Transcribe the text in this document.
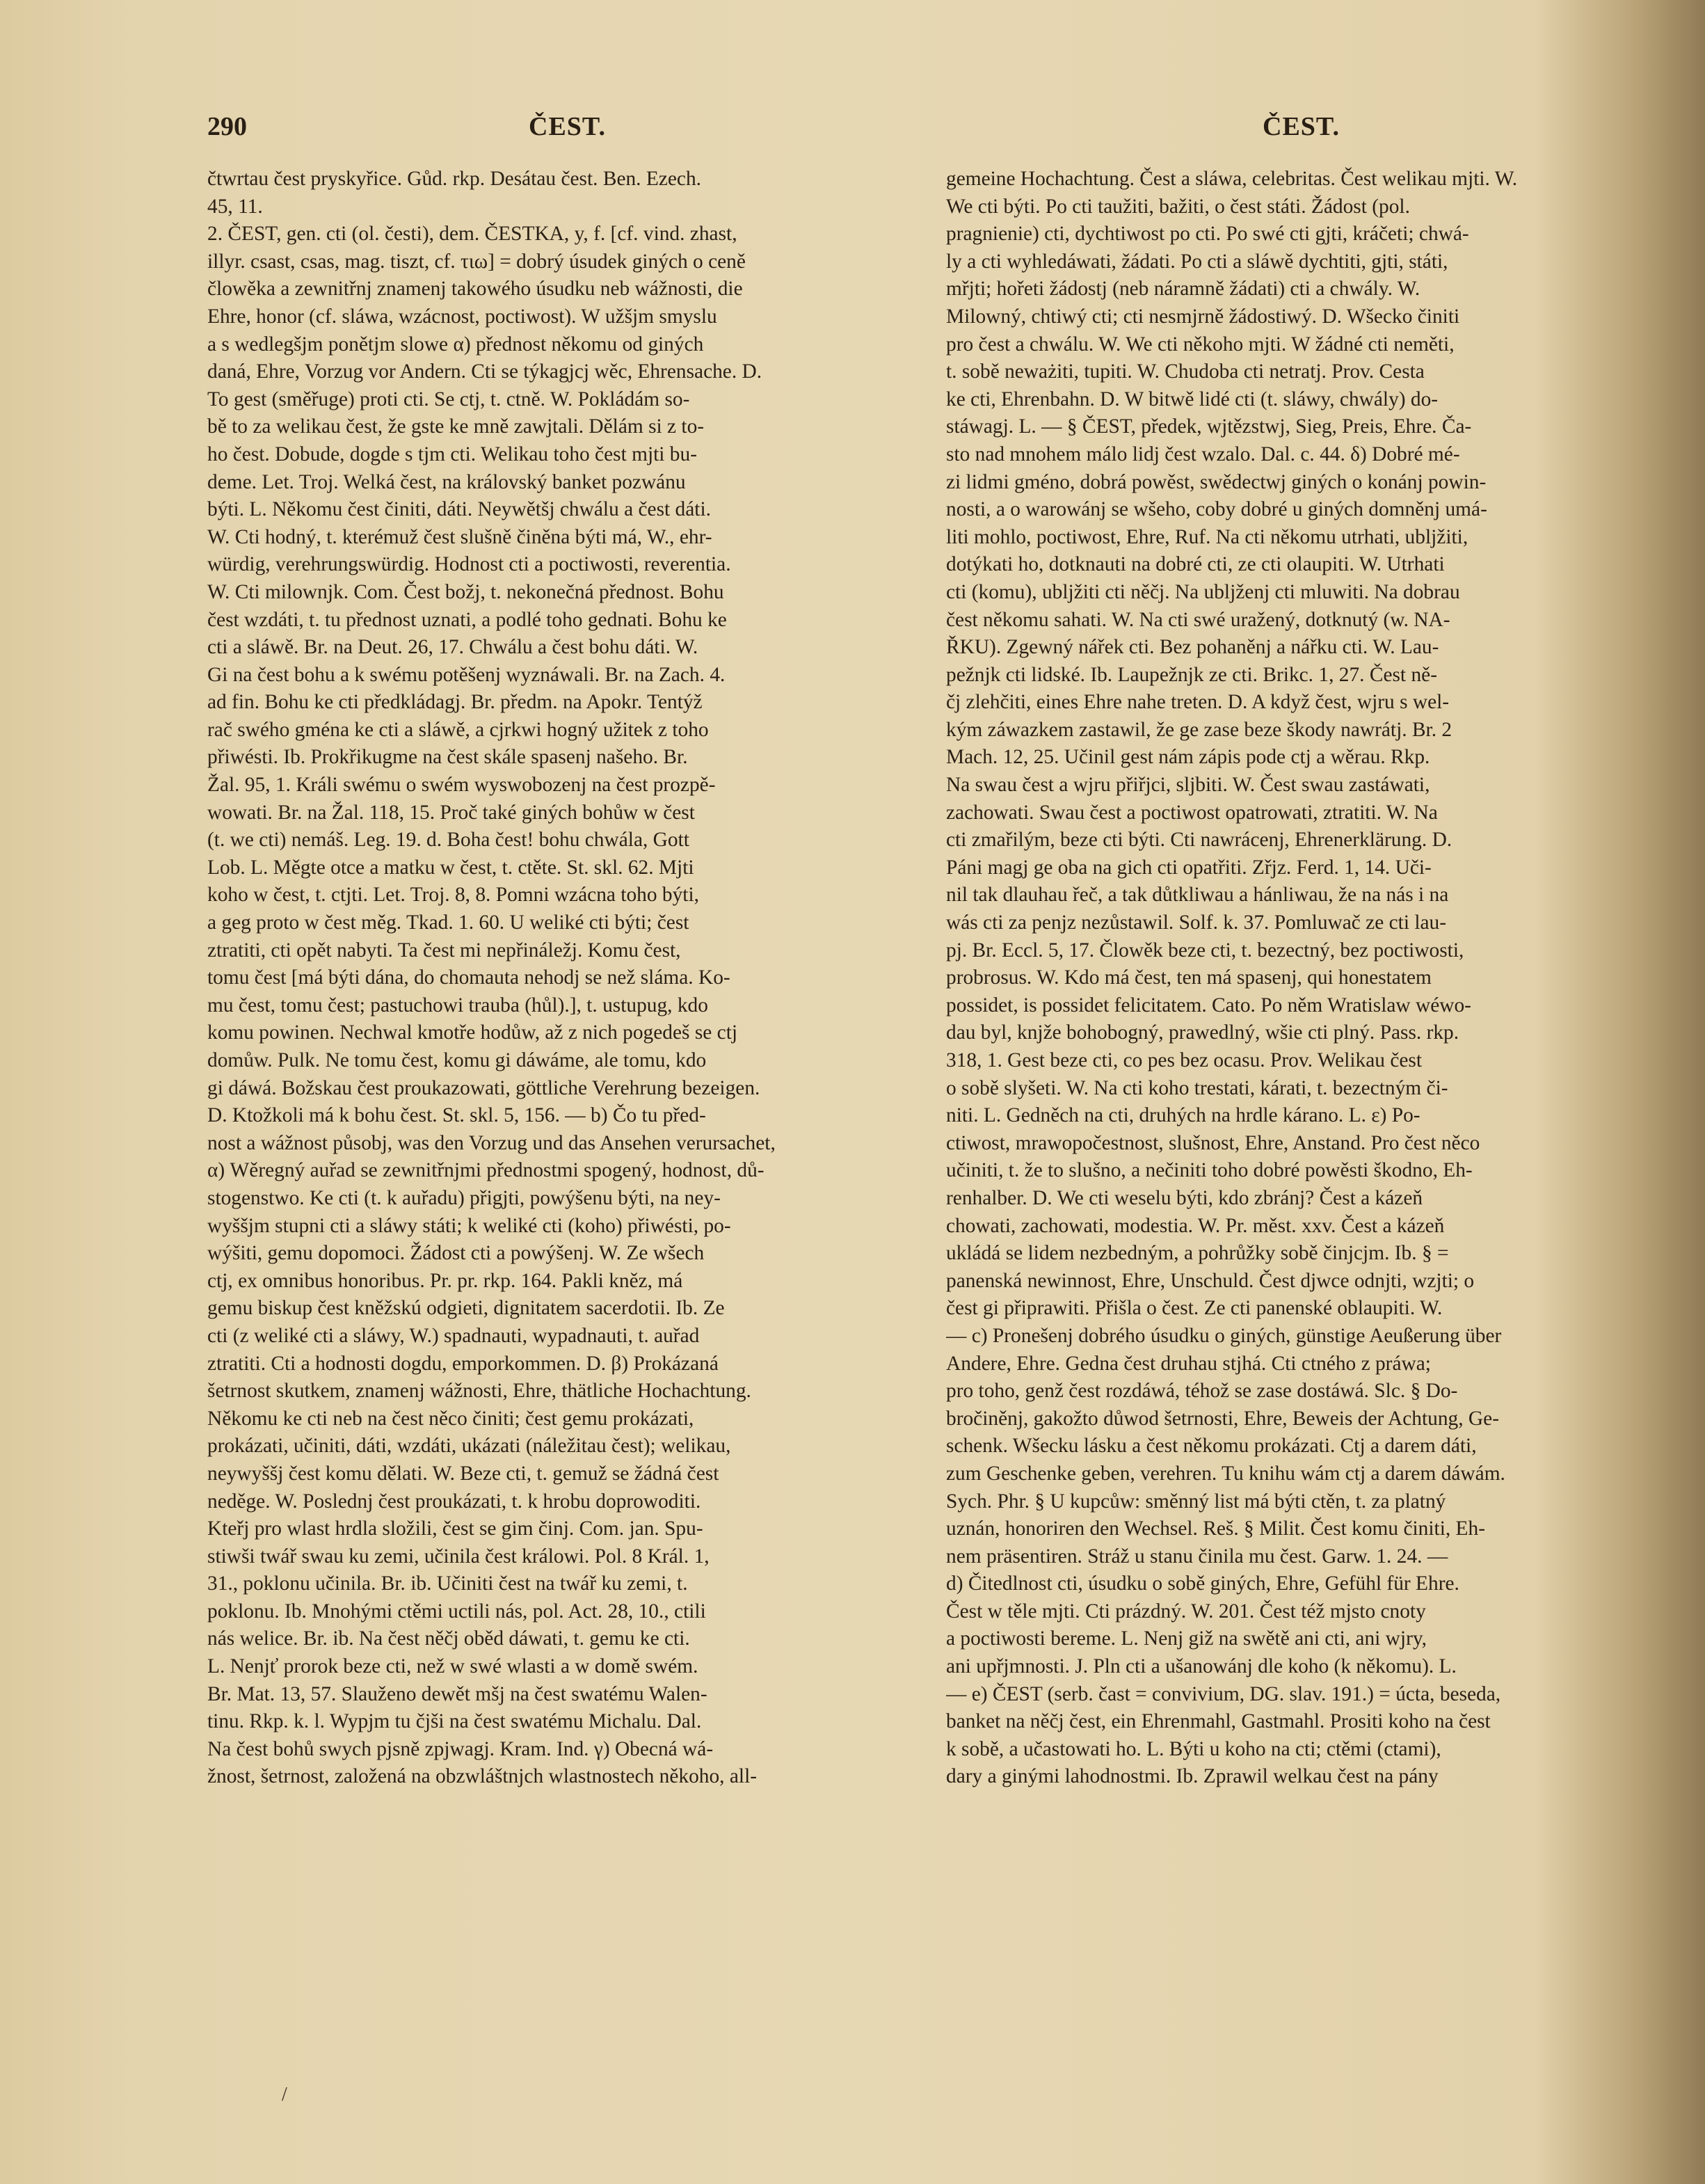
290	ČEST.	ČEST.
čtwrtau čest pryskyřice. Gůd. rkp. Desátau čest. Ben. Ezech.
45, 11.
2. ČEST, gen. cti (ol. česti), dem. ČESTKA, y, f. [cf. vind. zhast,
illyr. csast, csas, mag. tiszt, cf. τιω] = dobrý úsudek giných o ceně
člowěka a zewnitřnj znamenj takowého úsudku neb wážnosti, die
Ehre, honor (cf. sláwa, wzácnost, poctiwost). W užšjm smyslu
a s wedlegšjm ponětjm slowe α) přednost někomu od giných
daná, Ehre, Vorzug vor Andern. Cti se týkagjcj wěc, Ehrensache. D.
To gest (směřuge) proti cti. Se ctj, t. ctně. W. Pokládám so-
bě to za welikau čest, že gste ke mně zawjtali. Dělám si z to-
ho čest. Dobude, dogde s tjm cti. Welikau toho čest mjti bu-
deme. Let. Troj. Welká čest, na královský banket pozwánu
býti. L. Někomu čest činiti, dáti. Neywětšj chwálu a čest dáti.
W. Cti hodný, t. kterémuž čest slušně činěna býti má, W., ehr-
würdig, verehrungswürdig. Hodnost cti a poctiwosti, reverentia.
W. Cti milownjk. Com. Čest božj, t. nekonečná přednost. Bohu
čest wzdáti, t. tu přednost uznati, a podlé toho gednati. Bohu ke
cti a sláwě. Br. na Deut. 26, 17. Chwálu a čest bohu dáti. W.
Gi na čest bohu a k swému potěšenj wyznáwali. Br. na Zach. 4.
ad fin. Bohu ke cti předkládagj. Br. předm. na Apokr. Tentýž
rač swého gména ke cti a sláwě, a cjrkwi hogný užitek z toho
přiwésti. Ib. Prokřikugme na čest skále spasenj našeho. Br.
Žal. 95, 1. Králi swému o swém wyswobozenj na čest prozpě-
wowati. Br. na Žal. 118, 15. Proč také giných bohůw w čest
(t. we cti) nemáš. Leg. 19. d. Boha čest! bohu chwála, Gott
Lob. L. Měgte otce a matku w čest, t. ctěte. St. skl. 62. Mjti
koho w čest, t. ctjti. Let. Troj. 8, 8. Pomni wzácna toho býti,
a geg proto w čest měg. Tkad. 1. 60. U weliké cti býti; čest
ztratiti, cti opět nabyti. Ta čest mi nepřináležj. Komu čest,
tomu čest [má býti dána, do chomauta nehodj se než sláma. Ko-
mu čest, tomu čest; pastuchowi trauba (hůl).], t. ustupug, kdo
komu powinen. Nechwal kmotře hodůw, až z nich pogedeš se ctj
domůw. Pulk. Ne tomu čest, komu gi dáwáme, ale tomu, kdo
gi dáwá. Božskau čest proukazowati, göttliche Verehrung bezeigen.
D. Ktožkoli má k bohu čest. St. skl. 5, 156. — b) Čo tu před-
nost a wážnost působj, was den Vorzug und das Ansehen verursachet,
α) Wěregný auřad se zewnitřnjmi přednostmi spogený, hodnost, dů-
stogenstwo. Ke cti (t. k auřadu) přigjti, powýšenu býti, na ney-
wyššjm stupni cti a sláwy státi; k weliké cti (koho) přiwésti, po-
wýšiti, gemu dopomoci. Žádost cti a powýšenj. W. Ze wšech
ctj, ex omnibus honoribus. Pr. pr. rkp. 164. Pakli kněz, má
gemu biskup čest kněžskú odgieti, dignitatem sacerdotii. Ib. Ze
cti (z weliké cti a sláwy, W.) spadnauti, wypadnauti, t. auřad
ztratiti. Cti a hodnosti dogdu, emporkommen. D. β) Prokázaná
šetrnost skutkem, znamenj wážnosti, Ehre, thätliche Hochachtung.
Někomu ke cti neb na čest něco činiti; čest gemu prokázati,
prokázati, učiniti, dáti, wzdáti, ukázati (náležitau čest); welikau,
neywyššj čest komu dělati. W. Beze cti, t. gemuž se žádná čest
neděge. W. Poslednj čest proukázati, t. k hrobu doprowoditi.
Kteřj pro wlast hrdla složili, čest se gim činj. Com. jan. Spu-
stiwši twář swau ku zemi, učinila čest králowi. Pol. 8 Král. 1,
31., poklonu učinila. Br. ib. Učiniti čest na twář ku zemi, t.
poklonu. Ib. Mnohými ctěmi uctili nás, pol. Act. 28, 10., ctili
nás welice. Br. ib. Na čest něčj oběd dáwati, t. gemu ke cti.
L. Nenjť prorok beze cti, než w swé wlasti a w domě swém.
Br. Mat. 13, 57. Slauženo dewět mšj na čest swatému Walen-
tinu. Rkp. k. l. Wypjm tu čjši na čest swatému Michalu. Dal.
Na čest bohů swych pjsně zpjwagj. Kram. Ind. γ) Obecná wá-
žnost, šetrnost, založená na obzwláštnjch wlastnostech někoho, all-
gemeine Hochachtung. Čest a sláwa, celebritas. Čest welikau mjti. W.
We cti býti. Po cti taužiti, bažiti, o čest státi. Žádost (pol.
pragnienie) cti, dychtiwost po cti. Po swé cti gjti, kráčeti; chwá-
ly a cti wyhledáwati, žádati. Po cti a sláwě dychtiti, gjti, státi,
mřjti; hořeti žádostj (neb náramně žádati) cti a chwály. W.
Milowný, chtiwý cti; cti nesmjrně žádostiwý. D. Wšecko činiti
pro čest a chwálu. W. We cti někoho mjti. W žádné cti neměti,
t. sobě neważiti, tupiti. W. Chudoba cti netratj. Prov. Cesta
ke cti, Ehrenbahn. D. W bitwě lidé cti (t. sláwy, chwály) do-
stáwagj. L. — § ČEST, předek, wjtězstwj, Sieg, Preis, Ehre. Ča-
sto nad mnohem málo lidj čest wzalo. Dal. c. 44. δ) Dobré mé-
zi lidmi gméno, dobrá powěst, swědectwj giných o konánj powin-
nosti, a o warowánj se wšeho, coby dobré u giných domněnj umá-
liti mohlo, poctiwost, Ehre, Ruf. Na cti někomu utrhati, ubljžiti,
dotýkati ho, dotknauti na dobré cti, ze cti olaupiti. W. Utrhati
cti (komu), ubljžiti cti něčj. Na ubljženj cti mluwiti. Na dobrau
čest někomu sahati. W. Na cti swé uražený, dotknutý (w. NA-
ŘKU). Zgewný nářek cti. Bez pohaněnj a nářku cti. W. Lau-
pežnjk cti lidské. Ib. Laupežnjk ze cti. Brikc. 1, 27. Čest ně-
čj zlehčiti, eines Ehre nahe treten. D. A když čest, wjru s wel-
kým záwazkem zastawil, že ge zase beze škody nawrátj. Br. 2
Mach. 12, 25. Učinil gest nám zápis pode ctj a wěrau. Rkp.
Na swau čest a wjru přiřjci, sljbiti. W. Čest swau zastáwati,
zachowati. Swau čest a poctiwost opatrowati, ztratiti. W. Na
cti zmařilým, beze cti býti. Cti nawrácenj, Ehrenerklärung. D.
Páni magj ge oba na gich cti opatřiti. Zřjz. Ferd. 1, 14. Uči-
nil tak dlauhau řeč, a tak důtkliwau a hánliwau, že na nás i na
wás cti za penjz nezůstawil. Solf. k. 37. Pomluwač ze cti lau-
pj. Br. Eccl. 5, 17. Člowěk beze cti, t. bezectný, bez poctiwosti,
probrosus. W. Kdo má čest, ten má spasenj, qui honestatem
possidet, is possidet felicitatem. Cato. Po něm Wratislaw wéwo-
dau byl, knjže bohobogný, prawedlný, wšie cti plný. Pass. rkp.
318, 1. Gest beze cti, co pes bez ocasu. Prov. Welikau čest
o sobě slyšeti. W. Na cti koho trestati, kárati, t. bezectným či-
niti. L. Gedněch na cti, druhých na hrdle kárano. L. ε) Po-
ctiwost, mrawopočestnost, slušnost, Ehre, Anstand. Pro čest něco
učiniti, t. že to slušno, a nečiniti toho dobré powěsti škodno, Eh-
renhalber. D. We cti weselu býti, kdo zbránj? Čest a kázeň
chowati, zachowati, modestia. W. Pr. měst. xxv. Čest a kázeň
ukládá se lidem nezbedným, a pohrůžky sobě činjcjm. Ib. § =
panenská newinnost, Ehre, Unschuld. Čest djwce odnjti, wzjti; o
čest gi připrawiti. Přišla o čest. Ze cti panenské oblaupiti. W.
— c) Pronešenj dobrého úsudku o giných, günstige Aeußerung über
Andere, Ehre. Gedna čest druhau stjhá. Cti ctného z práwa;
pro toho, genž čest rozdáwá, téhož se zase dostáwá. Slc. § Do-
bročiněnj, gakožto důwod šetrnosti, Ehre, Beweis der Achtung, Ge-
schenk. Wšecku lásku a čest někomu prokázati. Ctj a darem dáti,
zum Geschenke geben, verehren. Tu knihu wám ctj a darem dáwám.
Sych. Phr. § U kupcůw: směnný list má býti ctěn, t. za platný
uznán, honoriren den Wechsel. Reš. § Milit. Čest komu činiti, Eh-
nem präsentiren. Stráž u stanu činila mu čest. Garw. 1. 24. —
d) Čitedlnost cti, úsudku o sobě giných, Ehre, Gefühl für Ehre.
Čest w těle mjti. Cti prázdný. W. 201. Čest též mjsto cnoty
a poctiwosti bereme. L. Nenj giž na swětě ani cti, ani wjry,
ani upřjmnosti. J. Pln cti a ušanowánj dle koho (k někomu). L.
— e) ČEST (serb. čast = convivium, DG. slav. 191.) = úcta, beseda,
banket na něčj čest, ein Ehrenmahl, Gastmahl. Prositi koho na čest
k sobě, a učastowati ho. L. Býti u koho na cti; ctěmi (ctami),
dary a ginými lahodnostmi. Ib. Zprawil welkau čest na pány
/
